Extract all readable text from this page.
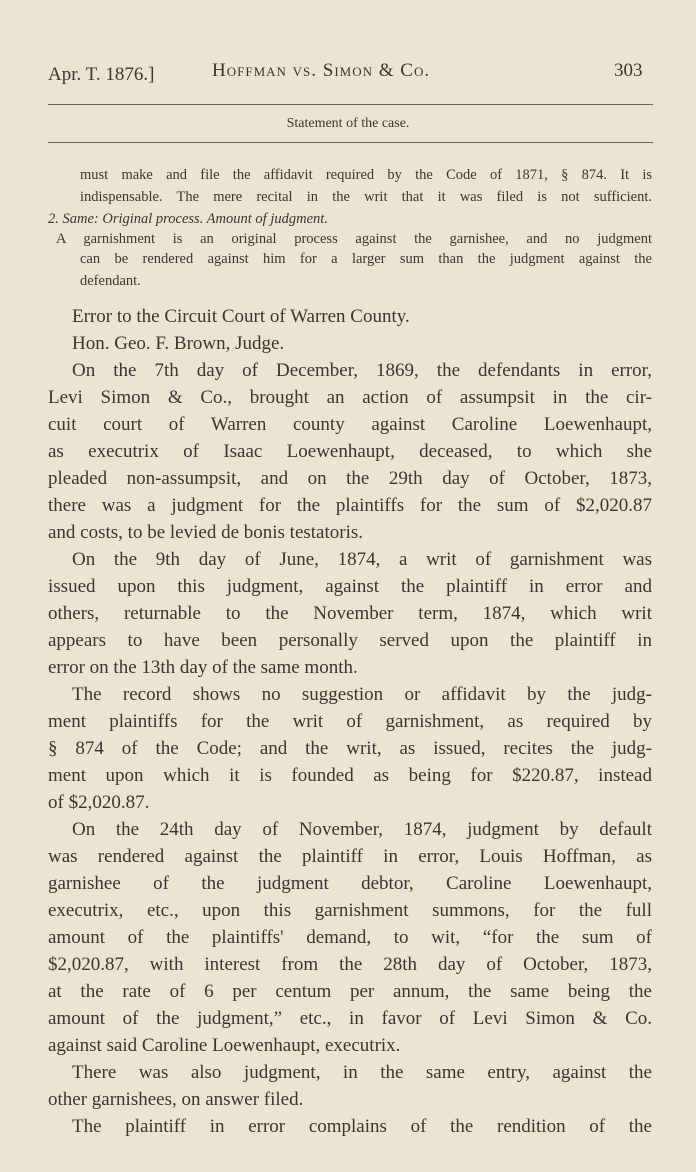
Apr. T. 1876.]	Hoffman vs. Simon & Co.	303
Statement of the case.
must make and file the affidavit required by the Code of 1871, § 874. It is
indispensable. The mere recital in the writ that it was filed is not sufficient.
2. Same: Original process. Amount of judgment.
A garnishment is an original process against the garnishee, and no judgment
can be rendered against him for a larger sum than the judgment against the
defendant.
Error to the Circuit Court of Warren County.
Hon. Geo. F. Brown, Judge.
On the 7th day of December, 1869, the defendants in error,
Levi Simon & Co., brought an action of assumpsit in the cir-
cuit court of Warren county against Caroline Loewenhaupt,
as executrix of Isaac Loewenhaupt, deceased, to which she
pleaded non-assumpsit, and on the 29th day of October, 1873,
there was a judgment for the plaintiffs for the sum of $2,020.87
and costs, to be levied de bonis testatoris.
On the 9th day of June, 1874, a writ of garnishment was
issued upon this judgment, against the plaintiff in error and
others, returnable to the November term, 1874, which writ
appears to have been personally served upon the plaintiff in
error on the 13th day of the same month.
The record shows no suggestion or affidavit by the judg-
ment plaintiffs for the writ of garnishment, as required by
§ 874 of the Code; and the writ, as issued, recites the judg-
ment upon which it is founded as being for $220.87, instead
of $2,020.87.
On the 24th day of November, 1874, judgment by default
was rendered against the plaintiff in error, Louis Hoffman, as
garnishee of the judgment debtor, Caroline Loewenhaupt,
executrix, etc., upon this garnishment summons, for the full
amount of the plaintiffs' demand, to wit, “for the sum of
$2,020.87, with interest from the 28th day of October, 1873,
at the rate of 6 per centum per annum, the same being the
amount of the judgment,” etc., in favor of Levi Simon & Co.
against said Caroline Loewenhaupt, executrix.
There was also judgment, in the same entry, against the
other garnishees, on answer filed.
The plaintiff in error complains of the rendition of the
